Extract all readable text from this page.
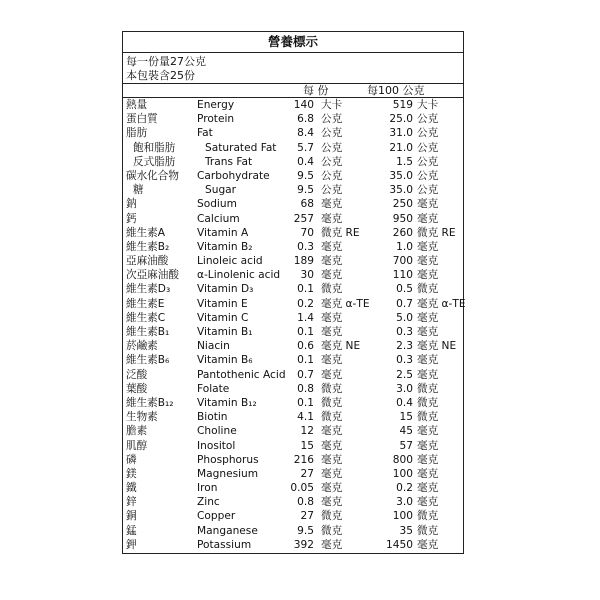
營養標示
每一份量27公克
本包裝含25份
每 份	每100 公克
熱量	Energy	140 大卡	519 大卡
蛋白質	Protein	6.8 公克	25.0 公克
脂肪	Fat	8.4 公克	31.0 公克
飽和脂肪	Saturated Fat 5.7 公克	21.0 公克
反式脂肪	Trans Fat	0.4 公克	1.5 公克
碳水化合物 Carbohydrate	9.5 公克	35.0 公克
糖	Sugar	9.5 公克	35.0 公克
鈉	Sodium	68 毫克	250 毫克
鈣	Calcium	257 毫克	950 毫克
維生素A	Vitamin A	70 微克 RE	260 微克 RE
維生素B₂	Vitamin B₂	0.3 毫克	1.0 毫克
亞麻油酸	Linoleic acid	189 毫克	700 毫克
次亞麻油酸 α-Linolenic acid 30 毫克	110 毫克
維生素D₃	Vitamin D₃	0.1 微克	0.5 微克
維生素E	Vitamin E	0.2 毫克 α-TE	0.7 毫克 α-TE
維生素C	Vitamin C	1.4 毫克	5.0 毫克
維生素B₁	Vitamin B₁	0.1 毫克	0.3 毫克
菸鹼素	Niacin	0.6 毫克 NE	2.3 毫克 NE
維生素B₆	Vitamin B₆	0.1 毫克	0.3 毫克
泛酸	Pantothenic Acid 0.7 毫克	2.5 毫克
葉酸	Folate	0.8 微克	3.0 微克
維生素B₁₂ Vitamin B₁₂	0.1 微克	0.4 微克
生物素	Biotin	4.1 微克	15 微克
膽素	Choline	12 毫克	45 毫克
肌醇	Inositol	15 毫克	57 毫克
磷	Phosphorus	216 毫克	800 毫克
鎂	Magnesium	27 毫克	100 毫克
鐵	Iron	0.05 毫克	0.2 毫克
鋅	Zinc	0.8 毫克	3.0 毫克
銅	Copper	27 微克	100 微克
錳	Manganese	9.5 微克	35 微克
鉀	Potassium	392 毫克	1450 毫克
